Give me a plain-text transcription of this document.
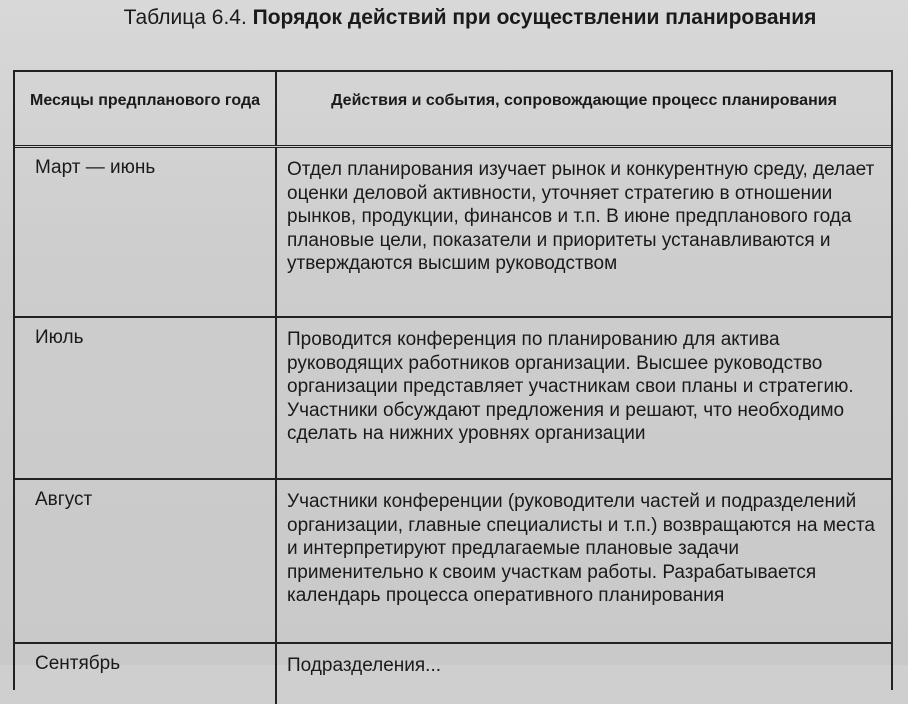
Таблица 6.4. Порядок действий при осуществлении планирования
Месяцы предпланового года	Действия и события, сопровождающие процесс планирования
Март — июнь	Отдел планирования изучает рынок и конкурентную среду, делает оценки деловой активности, уточняет стратегию в отношении рынков, продукции, финансов и т.п. В июне предпланового года плановые цели, показатели и приоритеты устанавливаются и утверждаются высшим руководством
Июль	Проводится конференция по планированию для актива руководящих работников организации. Высшее руководство организации представляет участникам свои планы и стратегию. Участники обсуждают предложения и решают, что необходимо сделать на нижних уровнях организации
Август	Участники конференции (руководители частей и подразделений организации, главные специалисты и т.п.) возвращаются на места и интерпретируют предлагаемые плановые задачи применительно к своим участкам работы. Разрабатывается календарь процесса оперативного планирования
Сентябрь	Подразделения...
